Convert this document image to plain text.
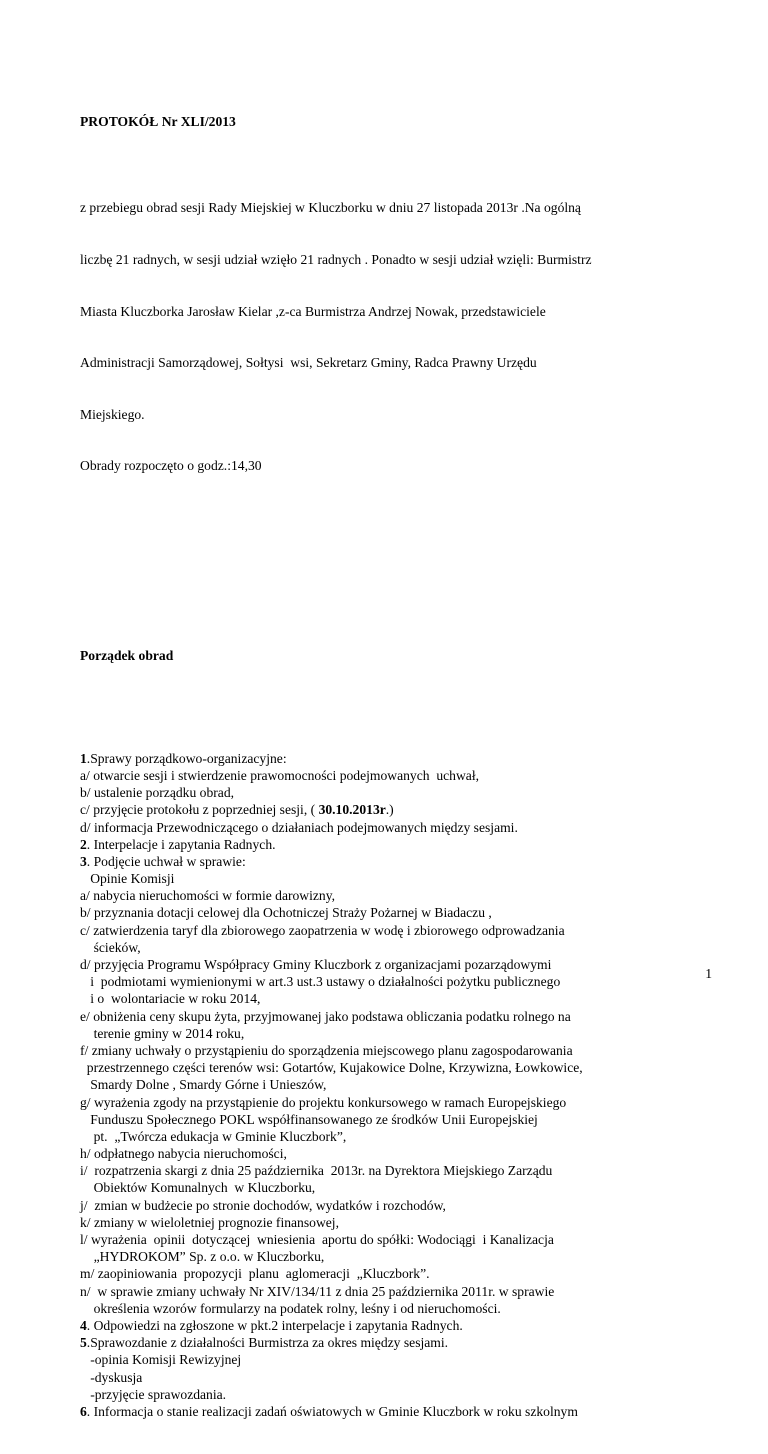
PROTOKÓŁ Nr XLI/2013

z przebiegu obrad sesji Rady Miejskiej w Kluczborku w dniu 27 listopada 2013r .Na ogólną

liczbę 21 radnych, w sesji udział wzięło 21 radnych . Ponadto w sesji udział wzięli: Burmistrz

Miasta Kluczborka Jarosław Kielar ,z-ca Burmistrza Andrzej Nowak, przedstawiciele

Administracji Samorządowej, Sołtysi  wsi, Sekretarz Gminy, Radca Prawny Urzędu

Miejskiego.

Obrady rozpoczęto o godz.:14,30

Porządek obrad

1.Sprawy porządkowo-organizacyjne:
a/ otwarcie sesji i stwierdzenie prawomocności podejmowanych  uchwał,
b/ ustalenie porządku obrad,
c/ przyjęcie protokołu z poprzedniej sesji, ( 30.10.2013r.)
d/ informacja Przewodniczącego o działaniach podejmowanych między sesjami.
2. Interpelacje i zapytania Radnych.
3. Podjęcie uchwał w sprawie:
Opinie Komisji
a/ nabycia nieruchomości w formie darowizny,
b/ przyznania dotacji celowej dla Ochotniczej Straży Pożarnej w Biadaczu ,
c/ zatwierdzenia taryf dla zbiorowego zaopatrzenia w wodę i zbiorowego odprowadzania
ścieków,
d/ przyjęcia Programu Współpracy Gminy Kluczbork z organizacjami pozarządowymi
i  podmiotami wymienionymi w art.3 ust.3 ustawy o działalności pożytku publicznego
i o  wolontariacie w roku 2014,
e/ obniżenia ceny skupu żyta, przyjmowanej jako podstawa obliczania podatku rolnego na
terenie gminy w 2014 roku,
f/ zmiany uchwały o przystąpieniu do sporządzenia miejscowego planu zagospodarowania
przestrzennego części terenów wsi: Gotartów, Kujakowice Dolne, Krzywizna, Łowkowice,
Smardy Dolne , Smardy Górne i Unieszów,
g/ wyrażenia zgody na przystąpienie do projektu konkursowego w ramach Europejskiego
Funduszu Społecznego POKL współfinansowanego ze środków Unii Europejskiej
pt.  „Twórcza edukacja w Gminie Kluczbork”,
h/ odpłatnego nabycia nieruchomości,
i/  rozpatrzenia skargi z dnia 25 października  2013r. na Dyrektora Miejskiego Zarządu
Obiektów Komunalnych  w Kluczborku,
j/  zmian w budżecie po stronie dochodów, wydatków i rozchodów,
k/ zmiany w wieloletniej prognozie finansowej,
l/ wyrażenia  opinii  dotyczącej  wniesienia  aportu do spółki: Wodociągi  i Kanalizacja
„HYDROKOM” Sp. z o.o. w Kluczborku,
m/ zaopiniowania  propozycji  planu  aglomeracji  „Kluczbork”.
n/  w sprawie zmiany uchwały Nr XIV/134/11 z dnia 25 października 2011r. w sprawie
określenia wzorów formularzy na podatek rolny, leśny i od nieruchomości.
4. Odpowiedzi na zgłoszone w pkt.2 interpelacje i zapytania Radnych.
5.Sprawozdanie z działalności Burmistrza za okres między sesjami.
-opinia Komisji Rewizyjnej
-dyskusja
-przyjęcie sprawozdania.
6. Informacja o stanie realizacji zadań oświatowych w Gminie Kluczbork w roku szkolnym

1
